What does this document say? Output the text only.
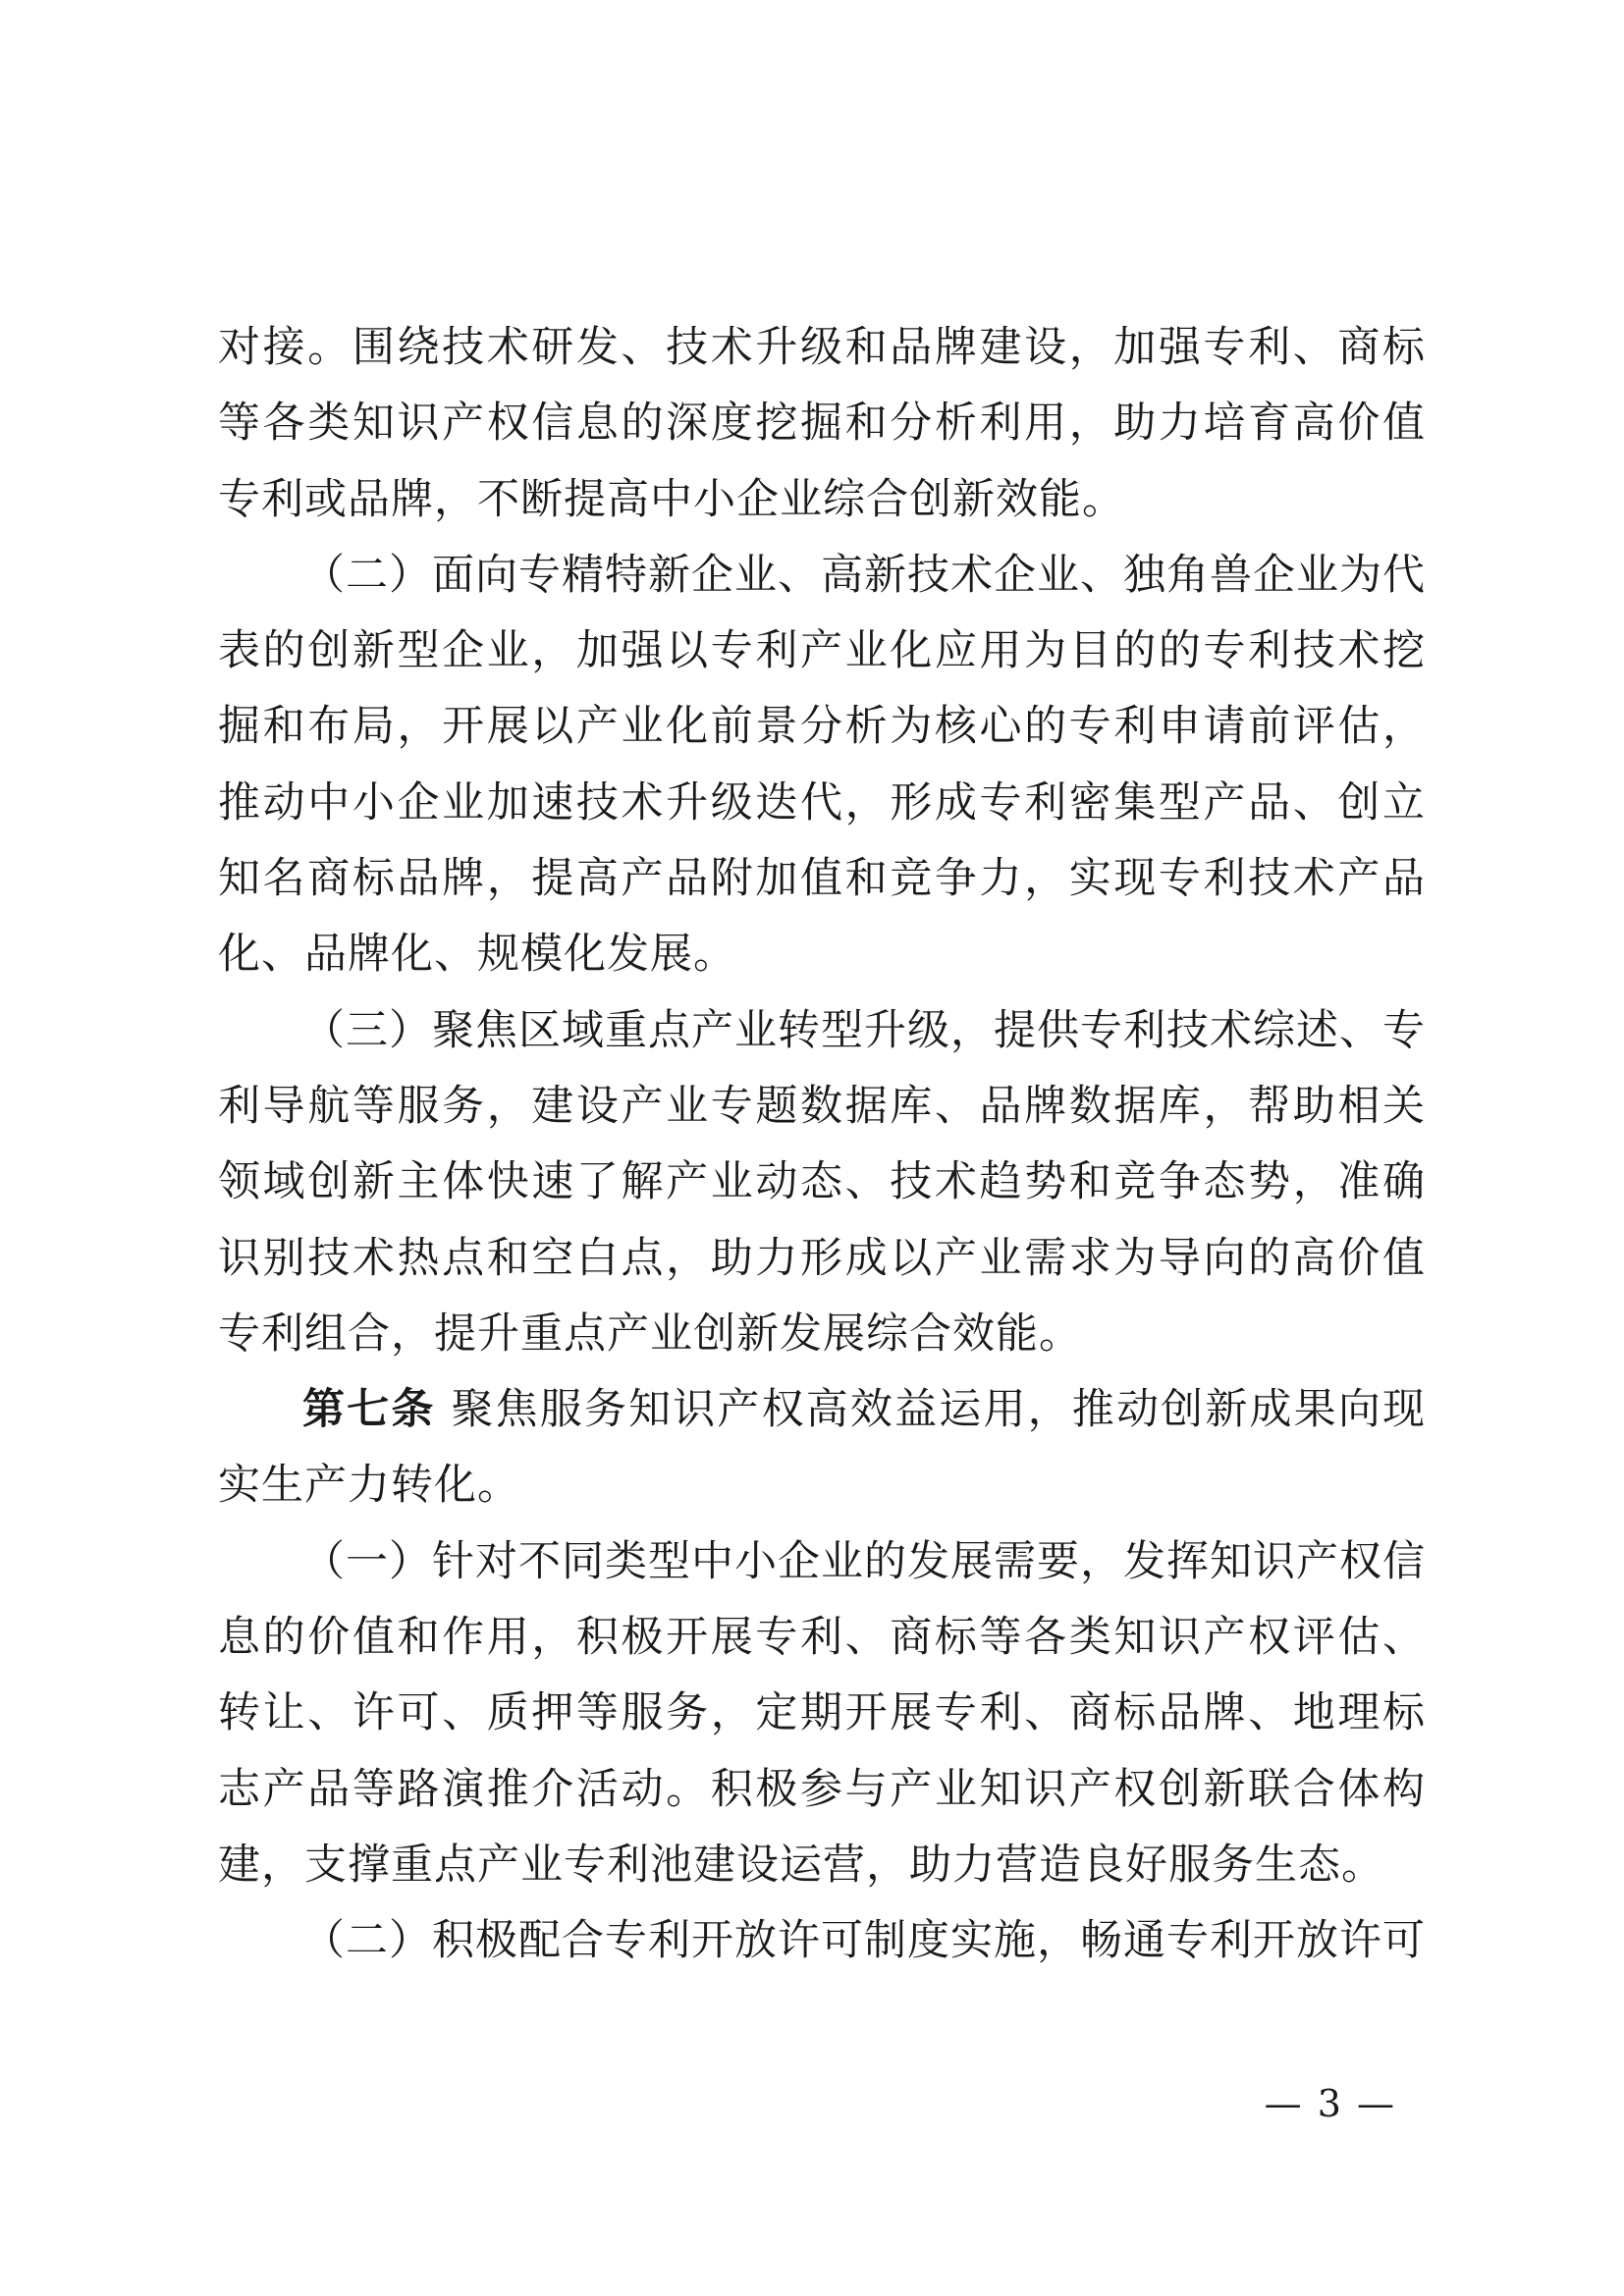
对接。围绕技术研发、技术升级和品牌建设，加强专利、商标等各类知识产权信息的深度挖掘和分析利用，助力培育高价值专利或品牌，不断提高中小企业综合创新效能。

（二）面向专精特新企业、高新技术企业、独角兽企业为代表的创新型企业，加强以专利产业化应用为目的的专利技术挖掘和布局，开展以产业化前景分析为核心的专利申请前评估，推动中小企业加速技术升级迭代，形成专利密集型产品、创立知名商标品牌，提高产品附加值和竞争力，实现专利技术产品化、品牌化、规模化发展。

（三）聚焦区域重点产业转型升级，提供专利技术综述、专利导航等服务，建设产业专题数据库、品牌数据库，帮助相关领域创新主体快速了解产业动态、技术趋势和竞争态势，准确识别技术热点和空白点，助力形成以产业需求为导向的高价值专利组合，提升重点产业创新发展综合效能。

第七条 聚焦服务知识产权高效益运用，推动创新成果向现实生产力转化。

（一）针对不同类型中小企业的发展需要，发挥知识产权信息的价值和作用，积极开展专利、商标等各类知识产权评估、转让、许可、质押等服务，定期开展专利、商标品牌、地理标志产品等路演推介活动。积极参与产业知识产权创新联合体构建，支撑重点产业专利池建设运营，助力营造良好服务生态。

（二）积极配合专利开放许可制度实施，畅通专利开放许可

— 3 —
